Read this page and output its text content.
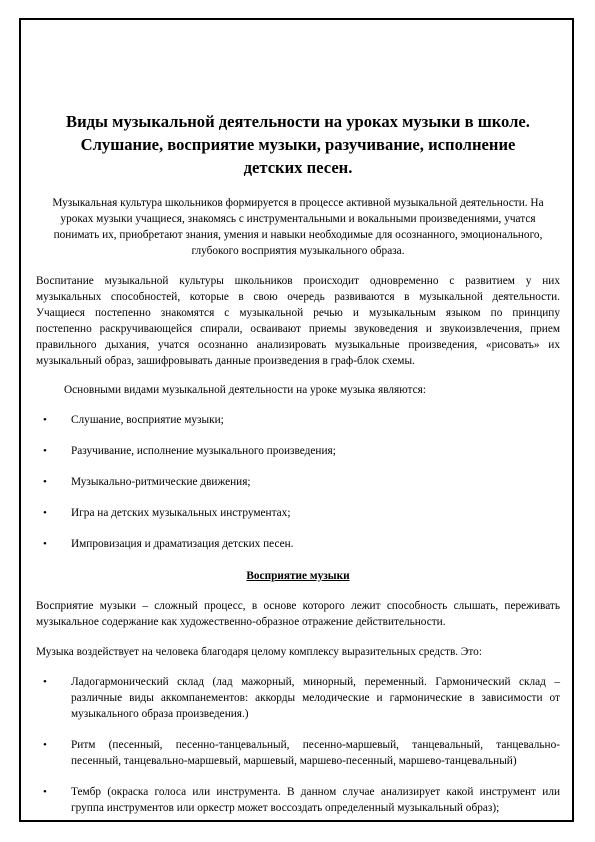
Виды музыкальной деятельности на уроках музыки в школе.
Слушание, восприятие музыки, разучивание, исполнение
детских песен.

Музыкальная культура школьников формируется в процессе активной музыкальной деятельности. На
уроках музыки учащиеся, знакомясь с инструментальными и вокальными произведениями, учатся
понимать их, приобретают знания, умения и навыки необходимые для осознанного, эмоционального,
глубокого восприятия музыкального образа.

Воспитание музыкальной культуры школьников происходит одновременно с развитием у них
музыкальных способностей, которые в свою очередь развиваются в музыкальной деятельности.
Учащиеся постепенно знакомятся с музыкальной речью и музыкальным языком по принципу
постепенно раскручивающейся спирали, осваивают приемы звуковедения и звукоизвлечения, прием
правильного дыхания, учатся осознанно анализировать музыкальные произведения, «рисовать» их
музыкальный образ, зашифровывать данные произведения в граф-блок схемы.

Основными видами музыкальной деятельности на уроке музыка являются:

• Слушание, восприятие музыки;
• Разучивание, исполнение музыкального произведения;
• Музыкально-ритмические движения;
• Игра на детских музыкальных инструментах;
• Импровизация и драматизация детских песен.

Восприятие музыки

Восприятие музыки – сложный процесс, в основе которого лежит способность слышать, переживать
музыкальное содержание как художественно-образное отражение действительности.

Музыка воздействует на человека благодаря целому комплексу выразительных средств. Это:

• Ладогармонический склад (лад мажорный, минорный, переменный. Гармонический склад –
различные виды аккомпанементов: аккорды мелодические и гармонические в зависимости от
музыкального образа произведения.)
• Ритм (песенный, песенно-танцевальный, песенно-маршевый, танцевальный, танцевально-
песенный, танцевально-маршевый, маршевый, маршево-песенный, маршево-танцевальный)
• Тембр (окраска голоса или инструмента. В данном случае анализирует какой инструмент или
группа инструментов или оркестр может воссоздать определенный музыкальный образ);
